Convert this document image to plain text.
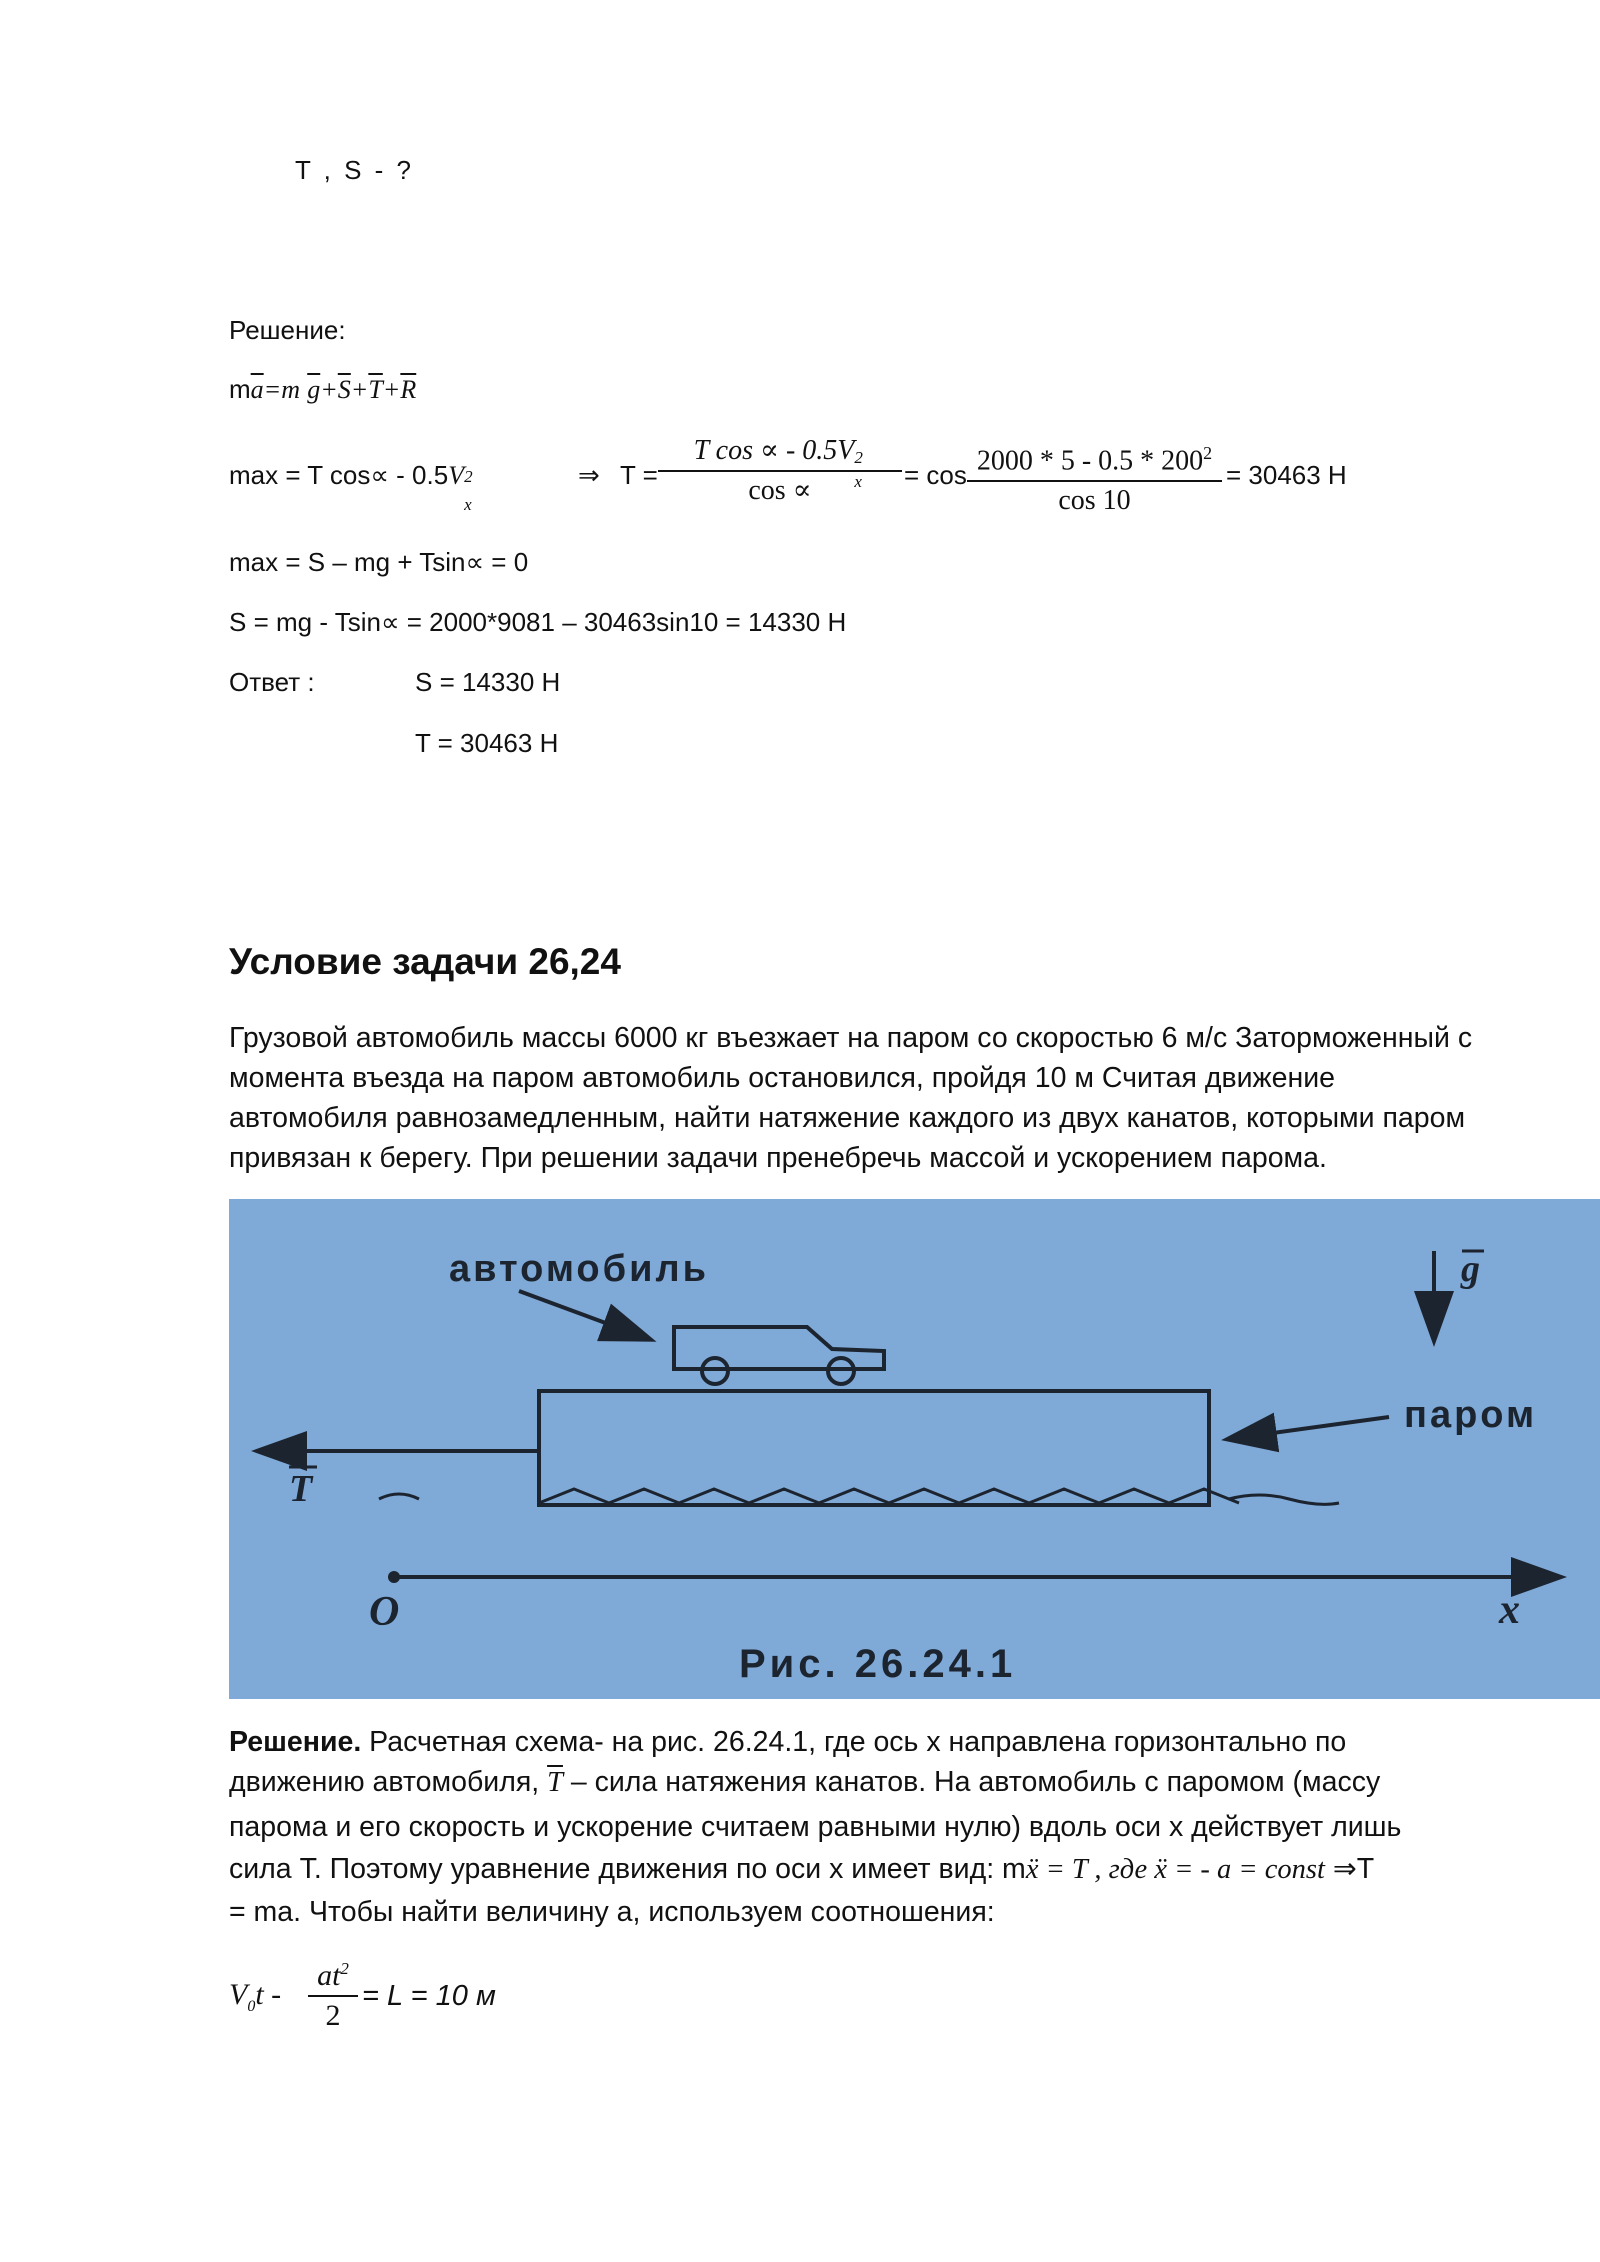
T , S - ?
Решение:
$m\overline{a}=m$ $\overline{g}+\overline{S}+\overline{T}+\overline{R}$
max = T cos∝ - 0.5V 2
x
⇒ T =
T cos ∝ - 0.5V 2
x
cos ∝	= $\cos 2000 * 5 - 0.5 * 200^2$
cos 10
= 30463 Н
max = S – mg + Tsin∝ = 0
S = mg - Tsin∝ = 2000*9081 – 30463sin10 = 14330 Н
Ответ :	S = 14330 Н
T = 30463 Н
Условие задачи 26,24
Грузовой автомобиль массы 6000 кг въезжает на паром со скоростью 6 м/с Заторможенный с
момента въезда на паром автомобиль остановился, пройдя 10 м Считая движение
автомобиля равнозамедленным, найти натяжение каждого из двух канатов, которыми паром
привязан к берегу. При решении задачи пренебречь массой и ускорением парома.
автомобиль
паром
g
T
O	x
Рис. 26.24.1
Решение. Расчетная схема- на рис. 26.24.1, где ось x направлена горизонтально по
движению автомобиля, $\overline{T}$ – сила натяжения канатов. На автомобиль с паромом (массу
парома и его скорость и ускорение считаем равными нулю) вдоль оси x действует лишь
сила T. Поэтому уравнение движения по оси x имеет вид: mẍ = T , где ẍ = - a = const ⇒T
= ma. Чтобы найти величину a, используем соотношения:
$V_0t$ -
$at^2$
2
= L = 10 м
